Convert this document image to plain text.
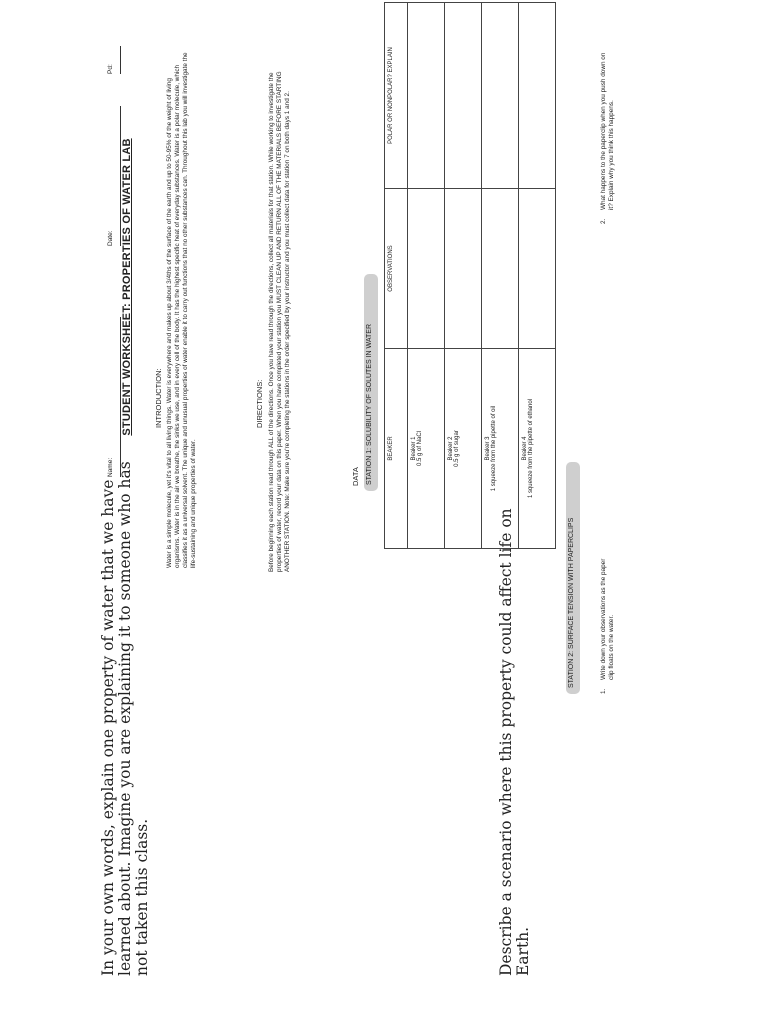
In your own words, explain one property of water that we have learned about. Imagine you are explaining it to someone who has not taken this class.	Describe a scenario where this property could affect life on Earth.
Name:
Date:
Pd:
STUDENT WORKSHEET: PROPERTIES OF WATER LAB	INTRODUCTION: Water is a simple molecule, yet it's vital to all living things. Water is everywhere and makes up about 3/4ths of the surface of the earth and up to 50-95% of the weight of living organisms. Water is in the air we breathe, the sinks we use, and in every cell of the body. It has the highest specific heat of everyday substances. Water is a polar molecule, which classifies it as a universal solvent. The unique and unusual properties of water enable it to carry out functions that no other substances can. Throughout this lab you will investigate the life-sustaining and unique properties of water.
DIRECTIONS: Before beginning each station read through ALL of the directions. Once you have read through the directions, collect all materials for that station. While working to investigate the properties of water, record your data on this paper. When you have completed your station you MUST CLEAN UP AND RETURN ALL OF THE MATERIALS BEFORE STARTING ANOTHER STATION. Note: Make sure you're completing the stations in the order specified by your instructor and you must collect data for station 7 on both days 1 and 2.	DATA STATION 1: SOLUBILITY OF SOLUTES IN WATER	BEAKER	OBSERVATIONS	POLAR OR NONPOLAR? EXPLAIN

Beaker 1 0.5 g of NaCl		

Beaker 2 0.5 g of sugar		

Beaker 3 1 squeeze from the pipette of oil		

Beaker 4 1 squeeze from the pipette of ethanol		

STATION 2: SURFACE TENSION WITH PAPERCLIPS
1.Write down your observations as the paper clip floats on the water.
2.What happens to the paperclip when you push down on it? Explain why you think this happens.
